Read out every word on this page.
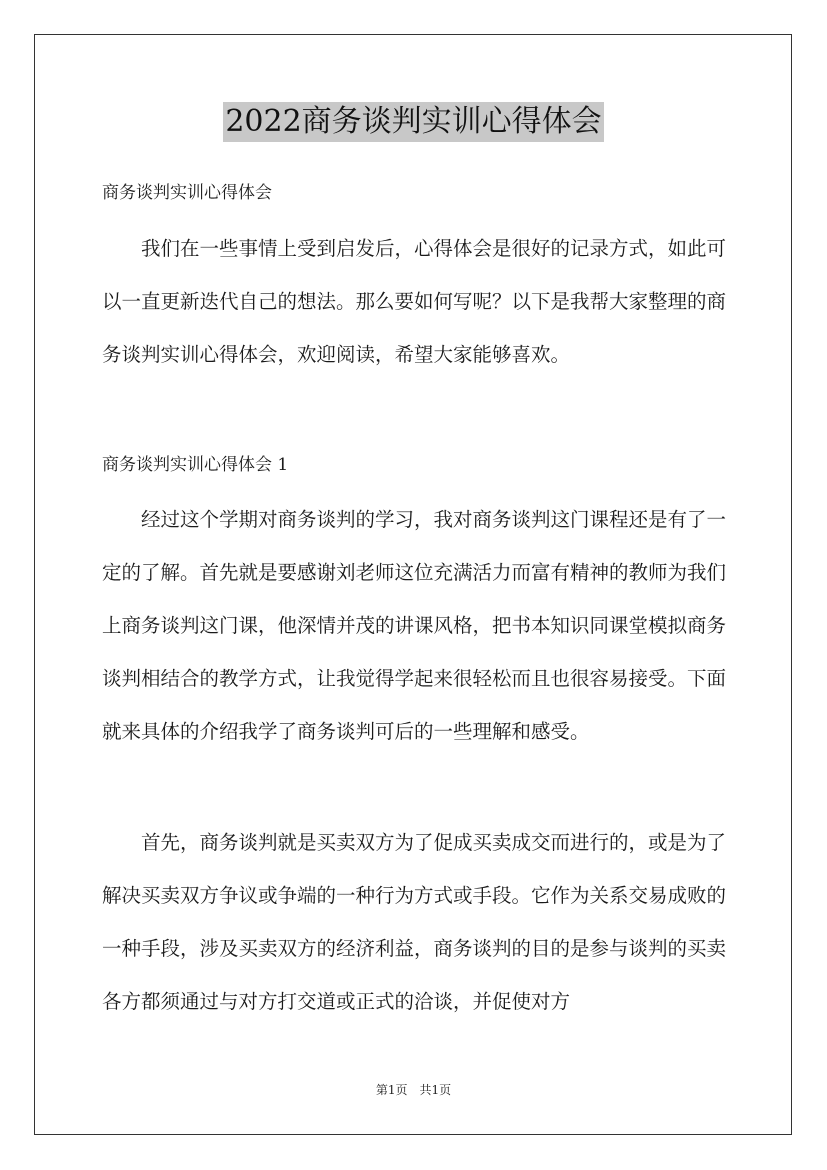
2022商务谈判实训心得体会
商务谈判实训心得体会

我们在一些事情上受到启发后，心得体会是很好的记录方式，如此可以一直更新迭代自己的想法。那么要如何写呢？以下是我帮大家整理的商务谈判实训心得体会，欢迎阅读，希望大家能够喜欢。

商务谈判实训心得体会 1

经过这个学期对商务谈判的学习，我对商务谈判这门课程还是有了一定的了解。首先就是要感谢刘老师这位充满活力而富有精神的教师为我们上商务谈判这门课，他深情并茂的讲课风格，把书本知识同课堂模拟商务谈判相结合的教学方式，让我觉得学起来很轻松而且也很容易接受。下面就来具体的介绍我学了商务谈判可后的一些理解和感受。

首先，商务谈判就是买卖双方为了促成买卖成交而进行的，或是为了解决买卖双方争议或争端的一种行为方式或手段。它作为关系交易成败的一种手段，涉及买卖双方的经济利益，商务谈判的目的是参与谈判的买卖各方都须通过与对方打交道或正式的洽谈，并促使对方

第1页　共1页
